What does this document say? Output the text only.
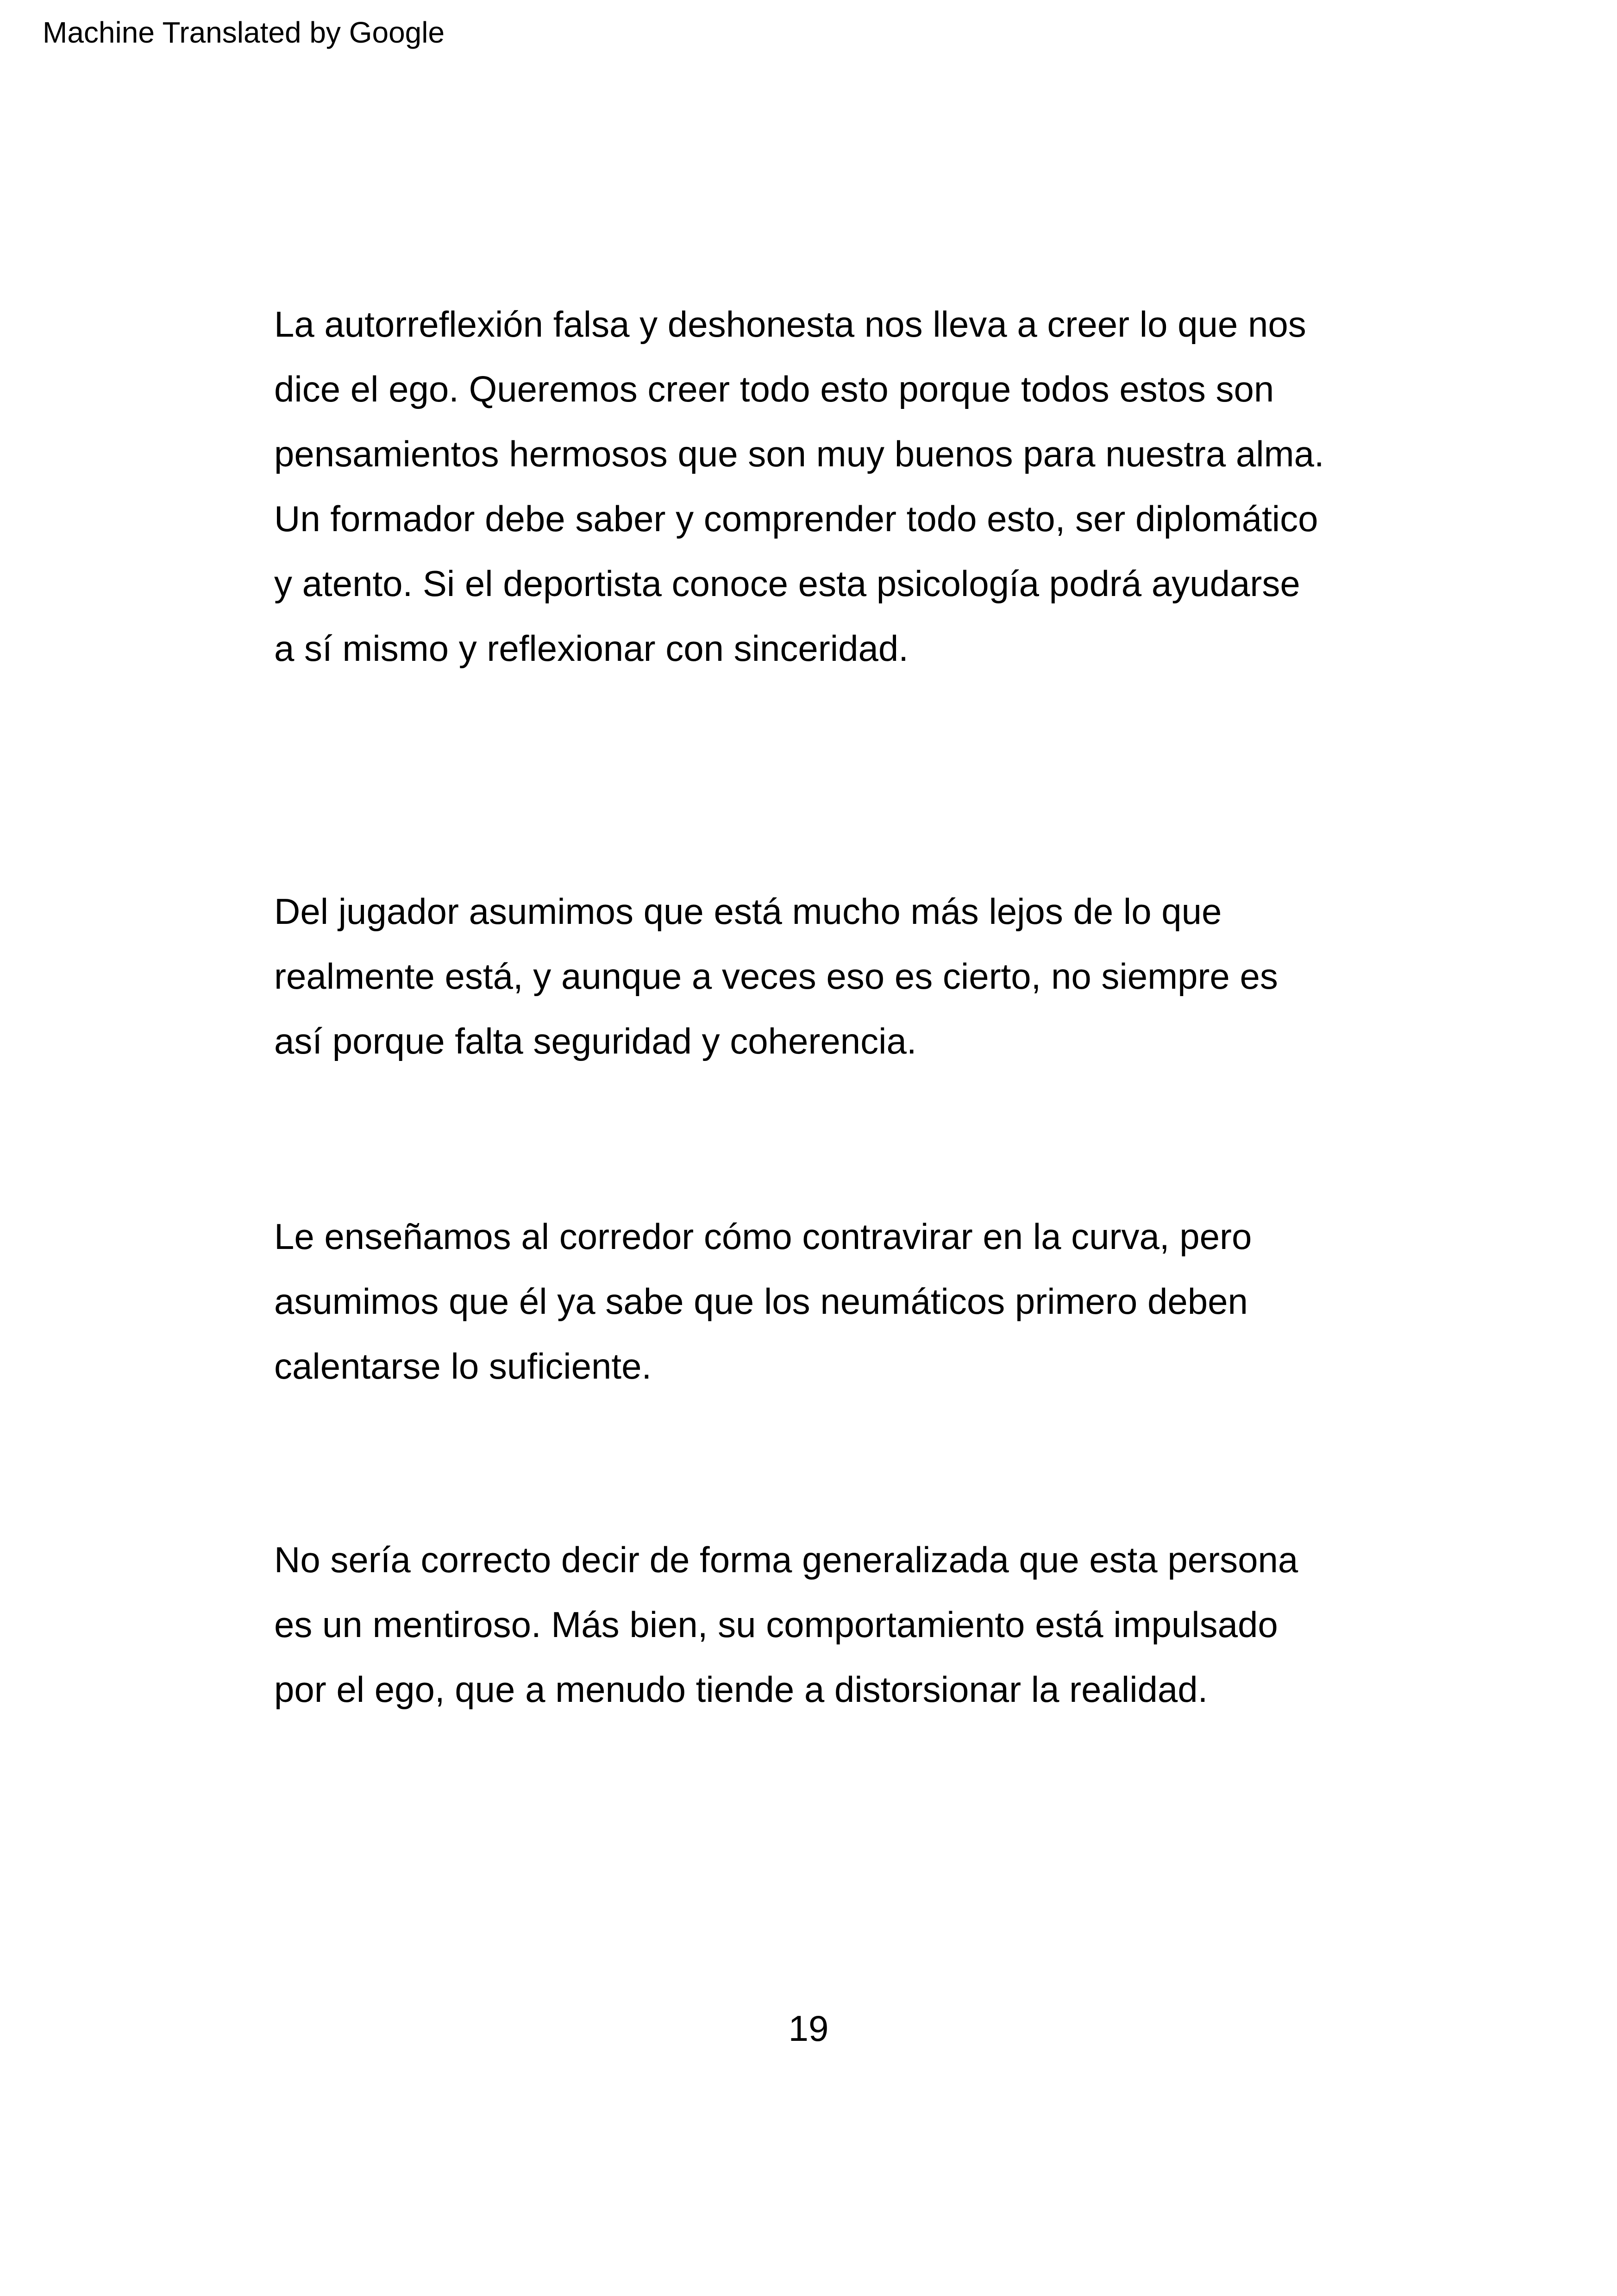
Machine Translated by Google
La autorreflexión falsa y deshonesta nos lleva a creer lo que nos
dice el ego. Queremos creer todo esto porque todos estos son
pensamientos hermosos que son muy buenos para nuestra alma.
Un formador debe saber y comprender todo esto, ser diplomático
y atento. Si el deportista conoce esta psicología podrá ayudarse
a sí mismo y reflexionar con sinceridad.
Del jugador asumimos que está mucho más lejos de lo que
realmente está, y aunque a veces eso es cierto, no siempre es
así porque falta seguridad y coherencia.
Le enseñamos al corredor cómo contravirar en la curva, pero
asumimos que él ya sabe que los neumáticos primero deben
calentarse lo suficiente.
No sería correcto decir de forma generalizada que esta persona
es un mentiroso. Más bien, su comportamiento está impulsado
por el ego, que a menudo tiende a distorsionar la realidad.
19
